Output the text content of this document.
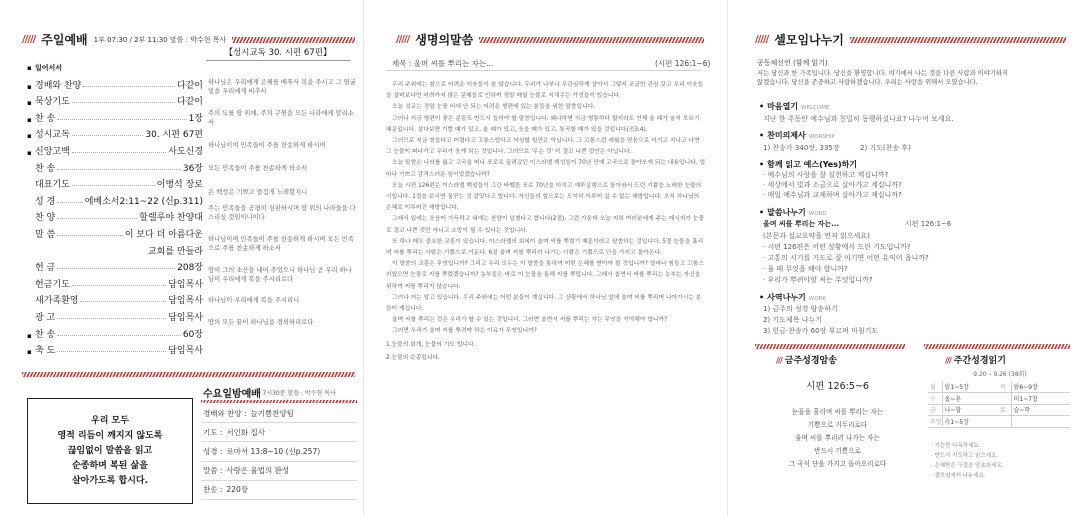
///// 주일예배 1부 07:30 / 2부 11:30 말씀 : 박수현 목사
【성시교독 30. 시편 67편】
▪ 일어서서
▪ 경배와 찬양	다같이
▪ 묵상기도	다같이
▪ 찬 송	1장
▪ 성시교독	30. 시편 67편
▪ 신앙고백	사도신경
찬 송	36장
대표기도	이병석 장로
성 경	에베소서2:11~22 (신p.311)
찬 양	할렐루야 찬양대
말 씀	이 보다 더 아름다운
교회를 만들라
헌 금	208장
헌금기도	담임목사
새가족환영	담임목사
광 고	담임목사
▪ 찬 송	60장
▪ 축 도	담임목사
하나님은 우리에게 은혜를 베푸사 복을 주시고 그 얼굴 빛을 우리에게 비추사
주의 도를 땅 위에, 주의 구원을 모든 나라에게 알리소서
하나님이여 민족들이 주를 찬송하게 하시며
모든 민족들이 주를 찬송하게 하소서
온 백성은 기쁘고 즐겁게 노래할지니
주는 민족들을 공평히 심판하시며 땅 위의 나라들을 다스리실 것임이니이다
하나님이여 민족들이 주를 찬송하게 하시며 모든 민족으로 주를 찬송하게 하소서
땅이 그의 소산을 내어 주었으니 하나님 곧 우리 하나님이 우리에게 복을 주시리로다
하나님이 우리에게 복을 주시리니
땅의 모든 끝이 하나님을 경외하리로다
우리 모두
영적 리듬이 깨지지 않도록
끊임없이 말씀을 읽고
순종하며 복된 삶을
살아가도록 합시다.
수요일밤예배
오후 7시30분 말씀 : 박수현 목사
경배와 찬양 : 늘기쁨찬양팀
기도 : 서인화 집사
성경 : 로마서 13:8~10 (신p.257)
말씀 : 사랑은 율법의 완성
찬송 : 220장
///// 생명의말씀
제목 : 울며 씨를 뿌리는 자는...	(시편 126:1~6)

우리 주위에는 참으로 어려운 이웃들이 참 많습니다. 우리가 나부나 무관심하게 살아서 그렇지 조금만 관심 갖고 우리 이웃들을 살펴보다면 어려가지 많은 문제들로 인하여 정말 매일 눈물로 지새우는 가정들이 있습니다.

오늘 설교는 정말 눈물 비에 안 되는 어려운 형편에 있는 분들을 위한 말씀입니다.

그러나 지금 형편이 좋은 분들도 반드시 들어야 할 말씀입니다. 왜냐하면 지금 형통하다 할지라도 언제 울 때가 올지 모르기 때문입니다. 살다보면 기쁠 때가 있고, 울 때가 있고, 웃을 때가 있고, 통곡할 때가 있을 것입니다(전3:4).

그러므로 지금 힘들다고 어렵다고 고통스럽다고 낙심할 일만은 아닙니다. 그 고통스런 세월을 믿음으로 이기고 지나고 나면 그 눈물이 떠나가고 우리가 웃게 되는 것입니다. 그러므로 '우는 것' 이 결코 나쁜 것만은 아닙니다.

오늘 말씀은 나라를 잃고 고국을 떠나 포로로 끌려갔던 이스라엘 백성들이 70년 만에 고국으로 돌아오게 되는 내용입니다. 얼마나 기쁘고 감격스러운 일이었겠습니까?

오늘 시편 126편은 이스라엘 백성들이 그간 바벨론 포로 70년을 마치고 예루살렘으로 돌아와서 드린 기쁨을 노래한 눈물의 시입니다. 1절을 보시면 꿈꾸는 것 같았다고 합니다. 자신들의 힘으로는 도저히 이루어 질 수 없는 해방입니다. 오직 하나님의 은혜로 이루어진 해방입니다.

그래서 입에는 웃음이 가득하고 혀에는 찬양이 넘쳤다고 합니다(2절). 그런 가운데 오늘 저희 여러분에게 주는 메시지가 눈물로 결코 나쁜 것만 아니고 소망이 될 수 있다는 것입니다.

또 하나 매우 중요한 교훈이 있습니다. 이스라엘의 회복이 울며 씨를 뿌렸기 때문이라고 말씀하는 것입니다. 5절 눈물을 흘리며 씨를 뿌리는 사람은 기쁨으로 거둔다. 6절 울며 씨를 뿌리러 나가는 사람은 기쁨으로 단을 가지고 돌아온다.

이 말씀의 교훈은 무엇입니까? 그리고 우리 모두는 이 말씀을 통하여 어떤 은혜를 받아야 할 것입니까? 얼마나 힘들고 고통스러웠으면 눈물로 씨를 뿌렸겠습니까? 농부들은 바로 이 눈물을 통해 씨를 뿌립니다. 그래서 울면서 씨를 뿌리는 농부는 자신을 위하여 씨를 뿌리지 않습니다.

그러나 저는 알고 있습니다. 우리 주위에는 어떤 분들이 계십니다. 그 상황에서 하나님 앞에 울며 씨를 뿌리며 나아가시는 분들이 계십니다.

울며 씨를 뿌리는 것은 우리가 할 수 있는 것입니다. 그러면 울면서 씨를 뿌리는 자는 무엇을 기억해야 합니까?

그러면 우리가 울며 씨를 뿌려야 하는 이유가 무엇입니까?

1.눈물의 회개, 눈물의 기도 입니다.

2.눈물의 순종입니다.

///// 셀모임나누기
공동체선언 (함께 읽기)
저는 당신과 한 가족입니다. 당신을 환영합니다. 여기에서 나는 것을 다른 사람과 이야기하지
않겠습니다. 당신을 존중하고 사랑하겠습니다. 우리는 사랑을 위해서 모였습니다.
• 마음열기 WELCOME
지난 한 주동안 예수님과 친밀히 동행하셨나요? 나누어 보세요.
• 찬미의제사 WORSHIP
1) 찬송가 340장, 335장	2) 기도(찬송 후)
• 함께 읽고 예스(Yes)하기
· 예수님의 사랑을 잘 실천하고 계십니까?
· 세상에서 빛과 소금으로 살아가고 계십니까?
· 매일 예수님과 교제하며 살아가고 계십니까?
• 말씀나누기 WORD
울며 씨를 뿌리는 자는...	시편 126:1~6
(본문과 설교요약을 먼저 읽으세요)
· 시편 126편은 어떤 상황에서 드린 기도입니까?
· 고통의 시기를 기도로 잘 이기면 어떤 유익이 옵니까?
· 울 때 무엇을 해야 합니까?
· 우리가 뿌려야할 씨는 무엇입니까?
• 사역나누기 WORK
1) 금주의 성경 암송하기
2) 기도제목 나누기
3) 헌금·찬송가 60장 부르며 마침기도
/// 금주성경암송
시편 126:5~6
눈물을 흘리며 씨를 뿌리는 자는
기쁨으로 거두리로다
울며 씨를 뿌리러 나가는 자는
반드시 기쁨으로
그 곡식 단을 가지고 돌아오리로다
/// 주간성경읽기
9.20 – 9.26 (38회)
월	암1~5장	목	암6~9장
수	옵~욘		미1~7장
금	나~합	토	습~학
주일	슥1~5장		
· 기능한 다독하세요.
· 반드시 기도하고 읽으세요.
· 은혜받은 구절을 암송하세요.
· 셀모임에서 나누세요.
